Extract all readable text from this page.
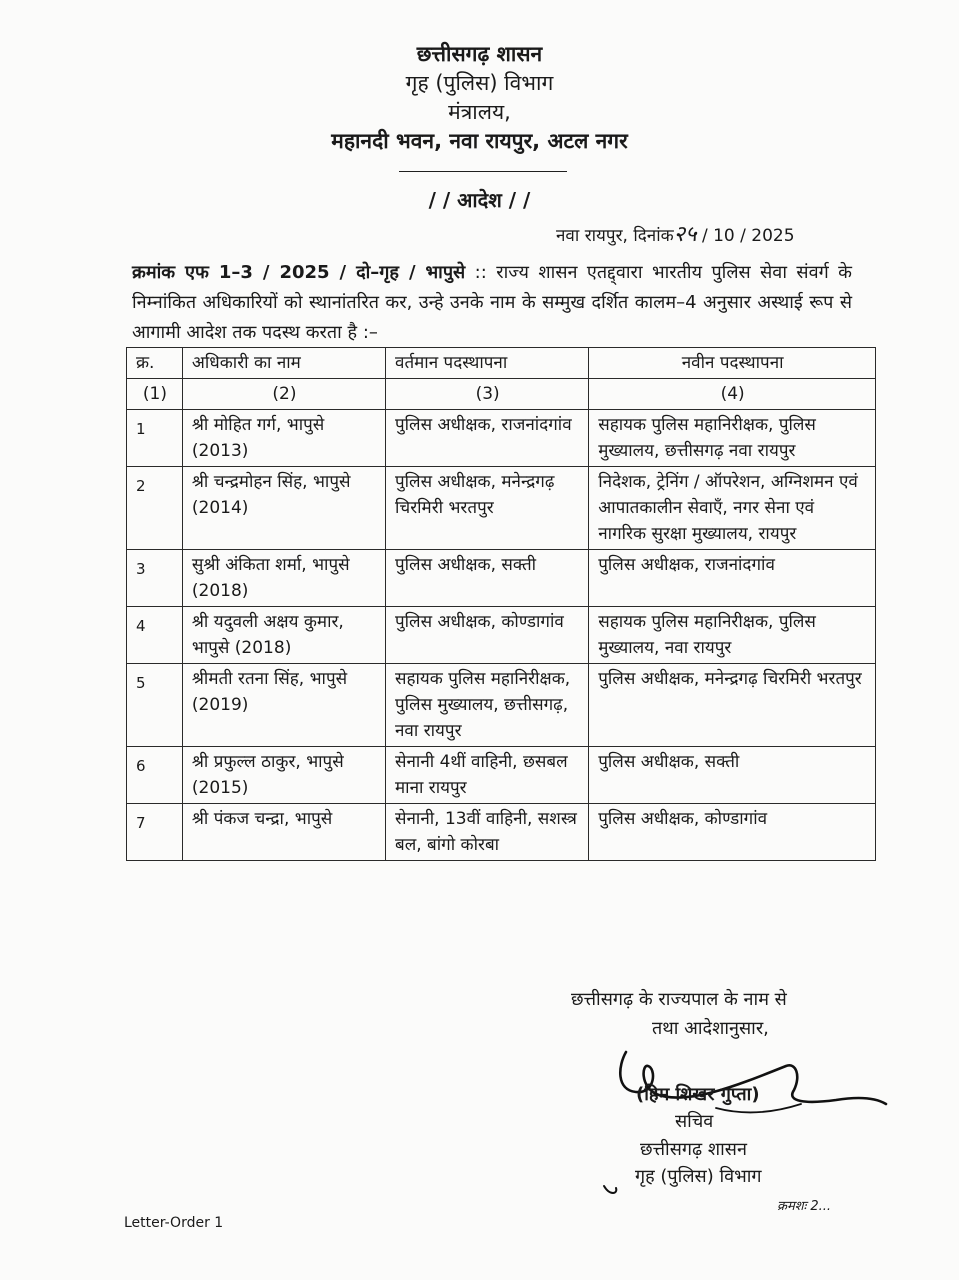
छत्तीसगढ़ शासन
गृह (पुलिस) विभाग
मंत्रालय,
महानदी भवन, नवा रायपुर, अटल नगर
/ / आदेश / /
नवा रायपुर, दिनांक२५ / 10 / 2025
क्रमांक एफ 1–3 / 2025 / दो–गृह / भापुसे :: राज्य शासन एतद्द्वारा भारतीय पुलिस सेवा संवर्ग के निम्नांकित अधिकारियों को स्थानांतरित कर, उन्हे उनके नाम के सम्मुख दर्शित कालम–4 अनुसार अस्थाई रूप से आगामी आदेश तक पदस्थ करता है :–
क्र.	अधिकारी का नाम	वर्तमान पदस्थापना	नवीन पदस्थापना
(1)	(2)	(3)	(4)
1	श्री मोहित गर्ग, भापुसे (2013)	पुलिस अधीक्षक, राजनांदगांव	सहायक पुलिस महानिरीक्षक, पुलिस मुख्यालय, छत्तीसगढ़ नवा रायपुर
2	श्री चन्द्रमोहन सिंह, भापुसे (2014)	पुलिस अधीक्षक, मनेन्द्रगढ़ चिरमिरी भरतपुर	निदेशक, ट्रेनिंग / ऑपरेशन, अग्निशमन एवं आपातकालीन सेवाएँ, नगर सेना एवं नागरिक सुरक्षा मुख्यालय, रायपुर
3	सुश्री अंकिता शर्मा, भापुसे (2018)	पुलिस अधीक्षक, सक्ती	पुलिस अधीक्षक, राजनांदगांव
4	श्री यदुवली अक्षय कुमार, भापुसे (2018)	पुलिस अधीक्षक, कोण्डागांव	सहायक पुलिस महानिरीक्षक, पुलिस मुख्यालय, नवा रायपुर
5	श्रीमती रतना सिंह, भापुसे (2019)	सहायक पुलिस महानिरीक्षक, पुलिस मुख्यालय, छत्तीसगढ़, नवा रायपुर	पुलिस अधीक्षक, मनेन्द्रगढ़ चिरमिरी भरतपुर
6	श्री प्रफुल्ल ठाकुर, भापुसे (2015)	सेनानी 4थीं वाहिनी, छसबल माना रायपुर	पुलिस अधीक्षक, सक्ती
7	श्री पंकज चन्द्रा, भापुसे	सेनानी, 13वीं वाहिनी, सशस्त्र बल, बांगो कोरबा	पुलिस अधीक्षक, कोण्डागांव
छत्तीसगढ़ के राज्यपाल के नाम से
तथा आदेशानुसार,
(हिम शिखर गुप्ता)
सचिव
छत्तीसगढ़ शासन
गृह (पुलिस) विभाग
क्रमशः 2...
Letter-Order 1
